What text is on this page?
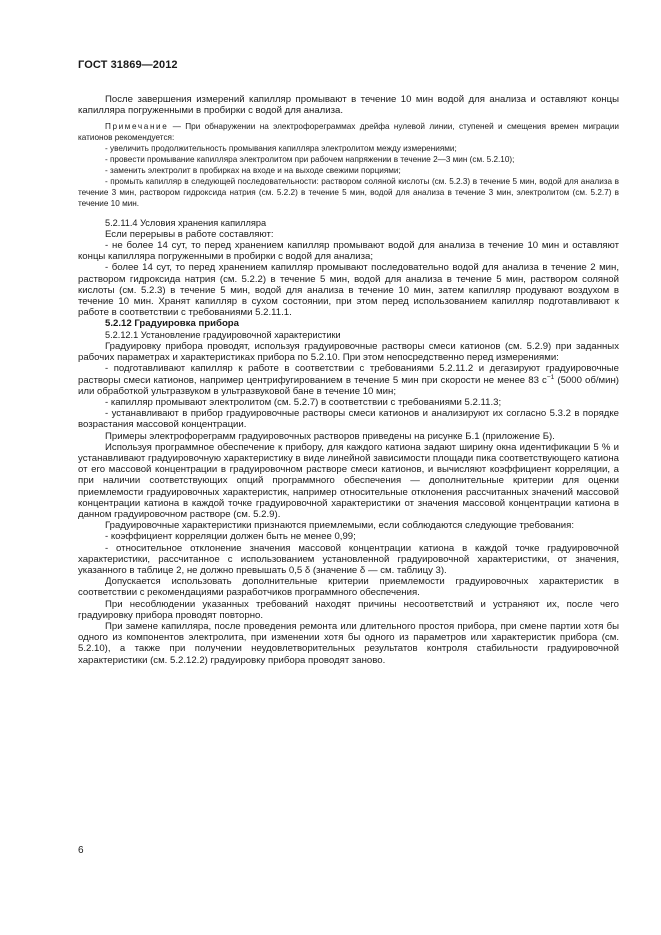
ГОСТ 31869—2012

После завершения измерений капилляр промывают в течение 10 мин водой для анализа и оставляют концы капилляра погруженными в пробирки с водой для анализа.

Примечание — При обнаружении на электрофореграммах дрейфа нулевой линии, ступеней и смещения времен миграции катионов рекомендуется:

- увеличить продолжительность промывания капилляра электролитом между измерениями;

- провести промывание капилляра электролитом при рабочем напряжении в течение 2—3 мин (см. 5.2.10);

- заменить электролит в пробирках на входе и на выходе свежими порциями;

- промыть капилляр в следующей последовательности: раствором соляной кислоты (см. 5.2.3) в течение 5 мин, водой для анализа в течение 3 мин, раствором гидроксида натрия (см. 5.2.2) в течение 5 мин, водой для анализа в течение 3 мин, электролитом (см. 5.2.7) в течение 10 мин.

5.2.11.4 Условия хранения капилляра

Если перерывы в работе составляют:

- не более 14 сут, то перед хранением капилляр промывают водой для анализа в течение 10 мин и оставляют концы капилляра погруженными в пробирки с водой для анализа;

- более 14 сут, то перед хранением капилляр промывают последовательно водой для анализа в течение 2 мин, раствором гидроксида натрия (см. 5.2.2) в течение 5 мин, водой для анализа в течение 5 мин, раствором соляной кислоты (см. 5.2.3) в течение 5 мин, водой для анализа в течение 10 мин, затем капилляр продувают воздухом в течение 10 мин. Хранят капилляр в сухом состоянии, при этом перед использованием капилляр подготавливают к работе в соответствии с требованиями 5.2.11.1.

5.2.12 Градуировка прибора

5.2.12.1 Установление градуировочной характеристики

Градуировку прибора проводят, используя градуировочные растворы смеси катионов (см. 5.2.9) при заданных рабочих параметрах и характеристиках прибора по 5.2.10. При этом непосредственно перед измерениями:

- подготавливают капилляр к работе в соответствии с требованиями 5.2.11.2 и дегазируют градуировочные растворы смеси катионов, например центрифугированием в течение 5 мин при скорости не менее 83 $с^{-1}$ (5000 об/мин) или обработкой ультразвуком в ультразвуковой бане в течение 10 мин;

- капилляр промывают электролитом (см. 5.2.7) в соответствии с требованиями 5.2.11.3;

- устанавливают в прибор градуировочные растворы смеси катионов и анализируют их согласно 5.3.2 в порядке возрастания массовой концентрации.

Примеры электрофореграмм градуировочных растворов приведены на рисунке Б.1 (приложение Б).

Используя программное обеспечение к прибору, для каждого катиона задают ширину окна идентификации 5 % и устанавливают градуировочную характеристику в виде линейной зависимости площади пика соответствующего катиона от его массовой концентрации в градуировочном растворе смеси катионов, и вычисляют коэффициент корреляции, а при наличии соответствующих опций программного обеспечения — дополнительные критерии для оценки приемлемости градуировочных характеристик, например относительные отклонения рассчитанных значений массовой концентрации катиона в каждой точке градуировочной характеристики от значения массовой концентрации катиона в данном градуировочном растворе (см. 5.2.9).

Градуировочные характеристики признаются приемлемыми, если соблюдаются следующие требования:

- коэффициент корреляции должен быть не менее 0,99;

- относительное отклонение значения массовой концентрации катиона в каждой точке градуировочной характеристики, рассчитанное с использованием установленной градуировочной характеристики, от значения, указанного в таблице 2, не должно превышать 0,5 δ (значение δ — см. таблицу 3).

Допускается использовать дополнительные критерии приемлемости градуировочных характеристик в соответствии с рекомендациями разработчиков программного обеспечения.

При несоблюдении указанных требований находят причины несоответствий и устраняют их, после чего градуировку прибора проводят повторно.

При замене капилляра, после проведения ремонта или длительного простоя прибора, при смене партии хотя бы одного из компонентов электролита, при изменении хотя бы одного из параметров или характеристик прибора (см. 5.2.10), а также при получении неудовлетворительных результатов контроля стабильности градуировочной характеристики (см. 5.2.12.2) градуировку прибора проводят заново.

6
